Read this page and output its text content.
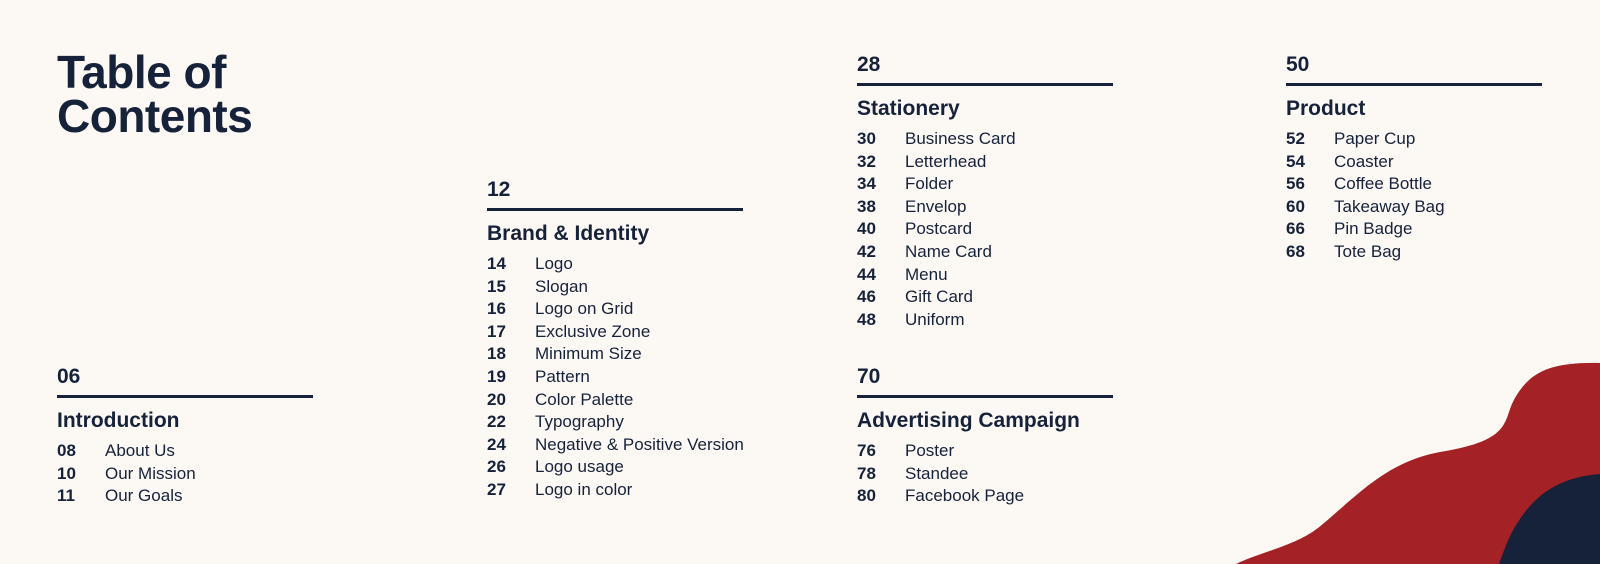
Table of
Contents
06
Introduction
08	About Us
10	Our Mission
11	Our Goals
12
Brand & Identity
14	Logo
15	Slogan
16	Logo on Grid
17	Exclusive Zone
18	Minimum Size
19	Pattern
20	Color Palette
22	Typography
24	Negative & Positive Version
26	Logo usage
27	Logo in color
28
Stationery
30	Business Card
32	Letterhead
34	Folder
38	Envelop
40	Postcard
42	Name Card
44	Menu
46	Gift Card
48	Uniform
70
Advertising Campaign
76	Poster
78	Standee
80	Facebook Page
50
Product
52	Paper Cup
54	Coaster
56	Coffee Bottle
60	Takeaway Bag
66	Pin Badge
68	Tote Bag
